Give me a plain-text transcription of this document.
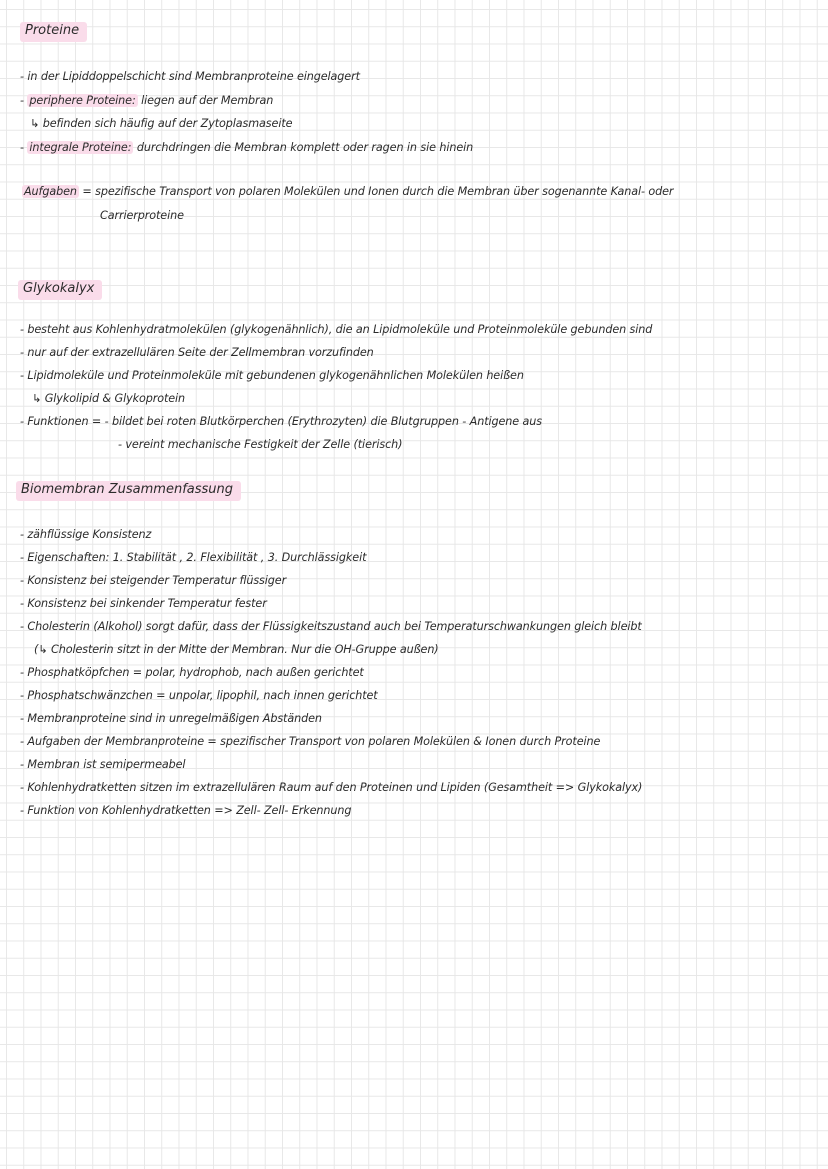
Proteine
- in der Lipiddoppelschicht sind Membranproteine eingelagert
- periphere Proteine: liegen auf der Membran
↳ befinden sich häufig auf der Zytoplasmaseite
- integrale Proteine: durchdringen die Membran komplett oder ragen in sie hinein
Aufgaben = spezifische Transport von polaren Molekülen und Ionen durch die Membran über sogenannte Kanal- oder
Carrierproteine
Glykokalyx
- besteht aus Kohlenhydratmolekülen (glykogenähnlich), die an Lipidmoleküle und Proteinmoleküle gebunden sind
- nur auf der extrazellulären Seite der Zellmembran vorzufinden
- Lipidmoleküle und Proteinmoleküle mit gebundenen glykogenähnlichen Molekülen heißen
↳ Glykolipid & Glykoprotein
- Funktionen = - bildet bei roten Blutkörperchen (Erythrozyten) die Blutgruppen - Antigene aus
- vereint mechanische Festigkeit der Zelle (tierisch)
Biomembran Zusammenfassung
- zähflüssige Konsistenz
- Eigenschaften: 1. Stabilität , 2. Flexibilität , 3. Durchlässigkeit
- Konsistenz bei steigender Temperatur flüssiger
- Konsistenz bei sinkender Temperatur fester
- Cholesterin (Alkohol) sorgt dafür, dass der Flüssigkeitszustand auch bei Temperaturschwankungen gleich bleibt
(↳ Cholesterin sitzt in der Mitte der Membran. Nur die OH-Gruppe außen)
- Phosphatköpfchen = polar, hydrophob, nach außen gerichtet
- Phosphatschwänzchen = unpolar, lipophil, nach innen gerichtet
- Membranproteine sind in unregelmäßigen Abständen
- Aufgaben der Membranproteine = spezifischer Transport von polaren Molekülen & Ionen durch Proteine
- Membran ist semipermeabel
- Kohlenhydratketten sitzen im extrazellulären Raum auf den Proteinen und Lipiden (Gesamtheit => Glykokalyx)
- Funktion von Kohlenhydratketten => Zell- Zell- Erkennung
